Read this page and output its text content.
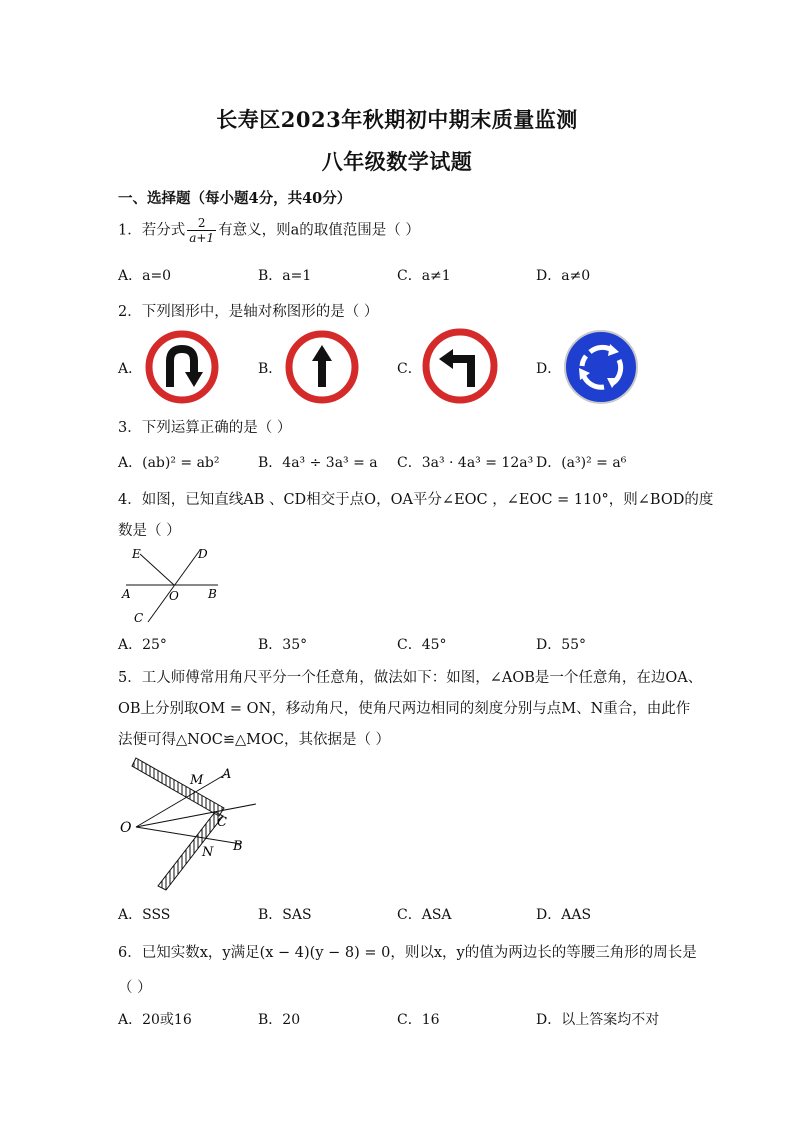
长寿区2023年秋期初中期末质量监测
八年级数学试题
一、选择题（每小题4分，共40分）
1．若分式 $\frac{2}{a+1}$ 有意义，则a的取值范围是（ ）
A．a=0	B．a=1	C．a≠1	D．a≠0
2．下列图形中，是轴对称图形的是（ ）
A．	B．	C．	D．
3．下列运算正确的是（ ）
A．(ab)² = ab²	B．4a³ ÷ 3a³ = a C．3a³ · 4a³ = 12a³ D．(a³)² = a⁶
4．如图，已知直线AB 、CD相交于点O，OA平分∠EOC ，∠EOC = 110°，则∠BOD的度
数是（ ）
E	D
A	O B
C
A．25°	B．35°	C．45°	D．55°
5．工人师傅常用角尺平分一个任意角，做法如下：如图，∠AOB是一个任意角，在边OA、
OB上分别取OM = ON，移动角尺，使角尺两边相同的刻度分别与点M、N重合，由此作
法便可得△NOC≌△MOC，其依据是（ ）
M A
O	C
N B
A．SSS	B．SAS	C．ASA	D．AAS
6．已知实数x，y满足(x − 4)(y − 8) = 0，则以x，y的值为两边长的等腰三角形的周长是
（ ）
A．20或16	B．20	C．16	D．以上答案均不对
